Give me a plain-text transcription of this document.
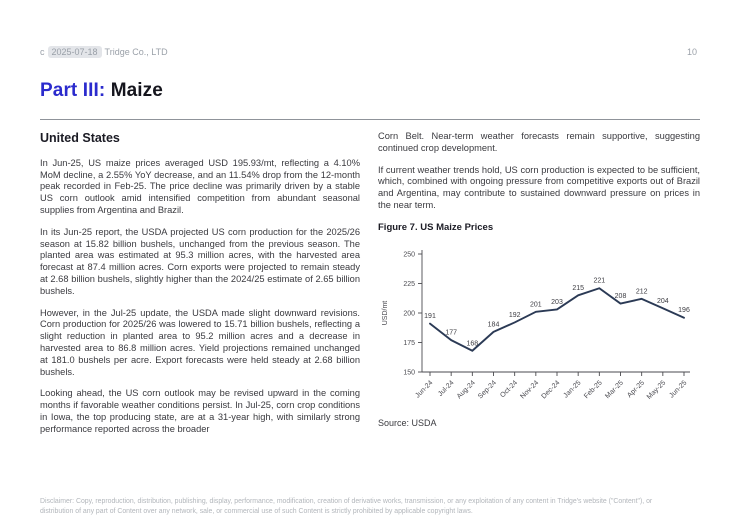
c 2025-07-18 Tridge Co., LTD	10
Part III: Maize
United States

In Jun-25, US maize prices averaged USD 195.93/mt, reflecting a 4.10% MoM decline, a 2.55% YoY decrease, and an 11.54% drop from the 12-month peak recorded in Feb-25. The price decline was primarily driven by a stable US corn outlook amid intensified competition from abundant seasonal supplies from Argentina and Brazil.

In its Jun-25 report, the USDA projected US corn production for the 2025/26 season at 15.82 billion bushels, unchanged from the previous season. The planted area was estimated at 95.3 million acres, with the harvested area forecast at 87.4 million acres. Corn exports were projected to remain steady at 2.68 billion bushels, slightly higher than the 2024/25 estimate of 2.65 billion bushels.

However, in the Jul-25 update, the USDA made slight downward revisions. Corn production for 2025/26 was lowered to 15.71 billion bushels, reflecting a slight reduction in planted area to 95.2 million acres and a decrease in harvested area to 86.8 million acres. Yield projections remained unchanged at 181.0 bushels per acre. Export forecasts were held steady at 2.68 billion bushels.

Looking ahead, the US corn outlook may be revised upward in the coming months if favorable weather conditions persist. In Jul-25, corn crop conditions in Iowa, the top producing state, are at a 31-year high, with similarly strong performance reported across the broader

Corn Belt. Near-term weather forecasts remain supportive, suggesting continued crop development.

If current weather trends hold, US corn production is expected to be sufficient, which, combined with ongoing pressure from competitive exports out of Brazil and Argentina, may contribute to sustained downward pressure on prices in the near term.

Figure 7. US Maize Prices
150
175
200
225
250
Jun-24 Jul-24 Aug-24 Sep-24 Oct-24 Nov-24 Dec-24 Jan-25 Feb-25 Mar-25 Apr-25 May-25 Jun-25
191
177
168
184
192
201 203
215
221
208
212
204
196
USD/mt
Source: USDA
Disclaimer: Copy, reproduction, distribution, publishing, display, performance, modification, creation of derivative works, transmission, or any exploitation of any content in Tridge's website ("Content"), or distribution of any part of Content over any network, sale, or commercial use of such Content is strictly prohibited by applicable copyright laws.
